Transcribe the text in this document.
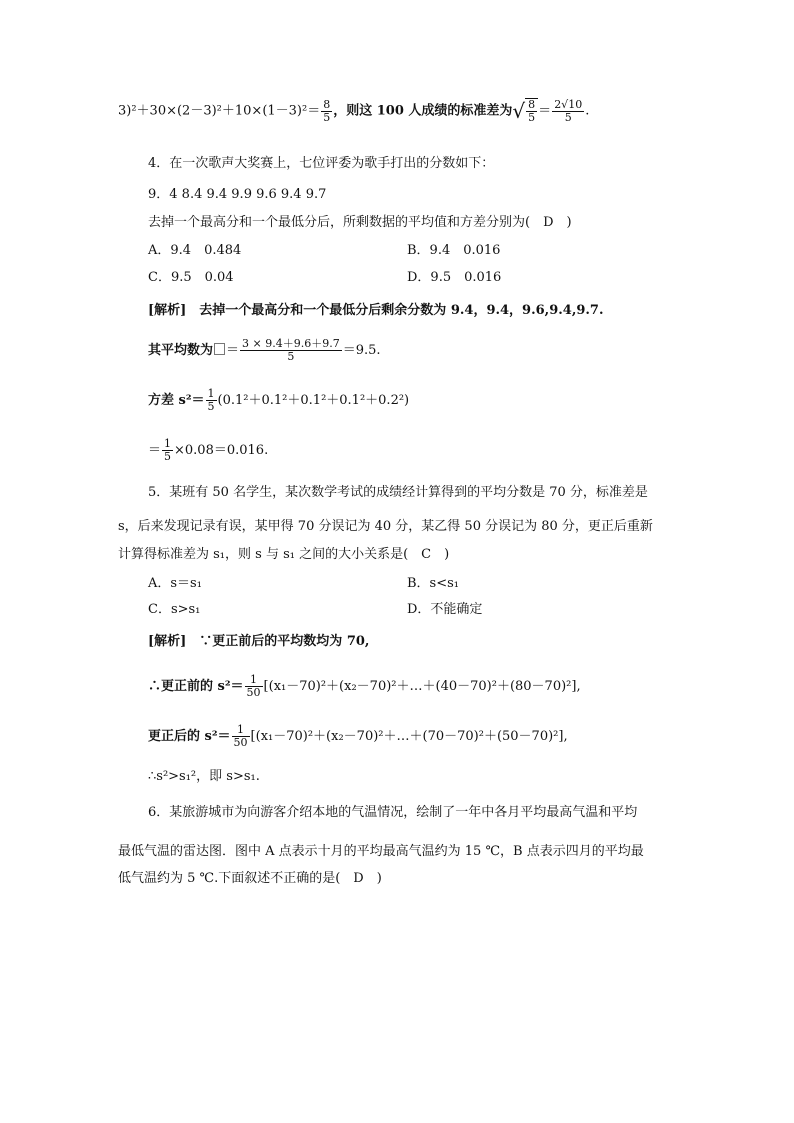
$3)^2+30\times(2-3)^2+10\times(1-3)^2= \frac{8}{5}$ ，则这 100 人成绩的标准差为√ $\frac{8}{5} = \frac{2√10}{5}$ .
4．在一次歌声大奖赛上，七位评委为歌手打出的分数如下：
9．4 8.4 9.4 9.9 9.6 9.4 9.7
去掉一个最高分和一个最低分后，所剩数据的平均值和方差分别为(　D　)
A．9.4　0.484	B．9.4　0.016
C．9.5　0.04	D．9.5　0.016
[解析]　去掉一个最高分和一个最低分后剩余分数为 9.4，9.4，9.6,9.4,9.7.
其平均数为 ＝ $\frac{3 \times 9.4+9.6+9.7}{5} =9.5$.
方差 $s^2= \frac{1}{5} (0.1^2+0.1^2+0.1^2+0.1^2+0.2^2)$
＝ $\frac{1}{5} \times 0.08=0.016$.
5．某班有 50 名学生，某次数学考试的成绩经计算得到的平均分数是 70 分，标准差是
s，后来发现记录有误，某甲得 70 分误记为 40 分，某乙得 50 分误记为 80 分，更正后重新
计算得标准差为 s₁，则 s 与 s₁ 之间的大小关系是(　C　)
A．s＝s₁	B．s<s₁
C．s>s₁	D．不能确定
[解析]　∵更正前后的平均数均为 70,
∴更正前的 $s^2= \frac{1}{50}$ [(x₁－70)²＋(x₂－70)²＋…＋(40－70)²＋(80－70)²],
更正后的 $s^2= \frac{1}{50}$ [(x₁－70)²＋(x₂－70)²＋…＋(70－70)²＋(50－70)²],
∴s²>s₁²，即 s>s₁.
6．某旅游城市为向游客介绍本地的气温情况，绘制了一年中各月平均最高气温和平均
最低气温的雷达图．图中 A 点表示十月的平均最高气温约为 15 ℃，B 点表示四月的平均最
低气温约为 5 ℃.下面叙述不正确的是(　D　)
